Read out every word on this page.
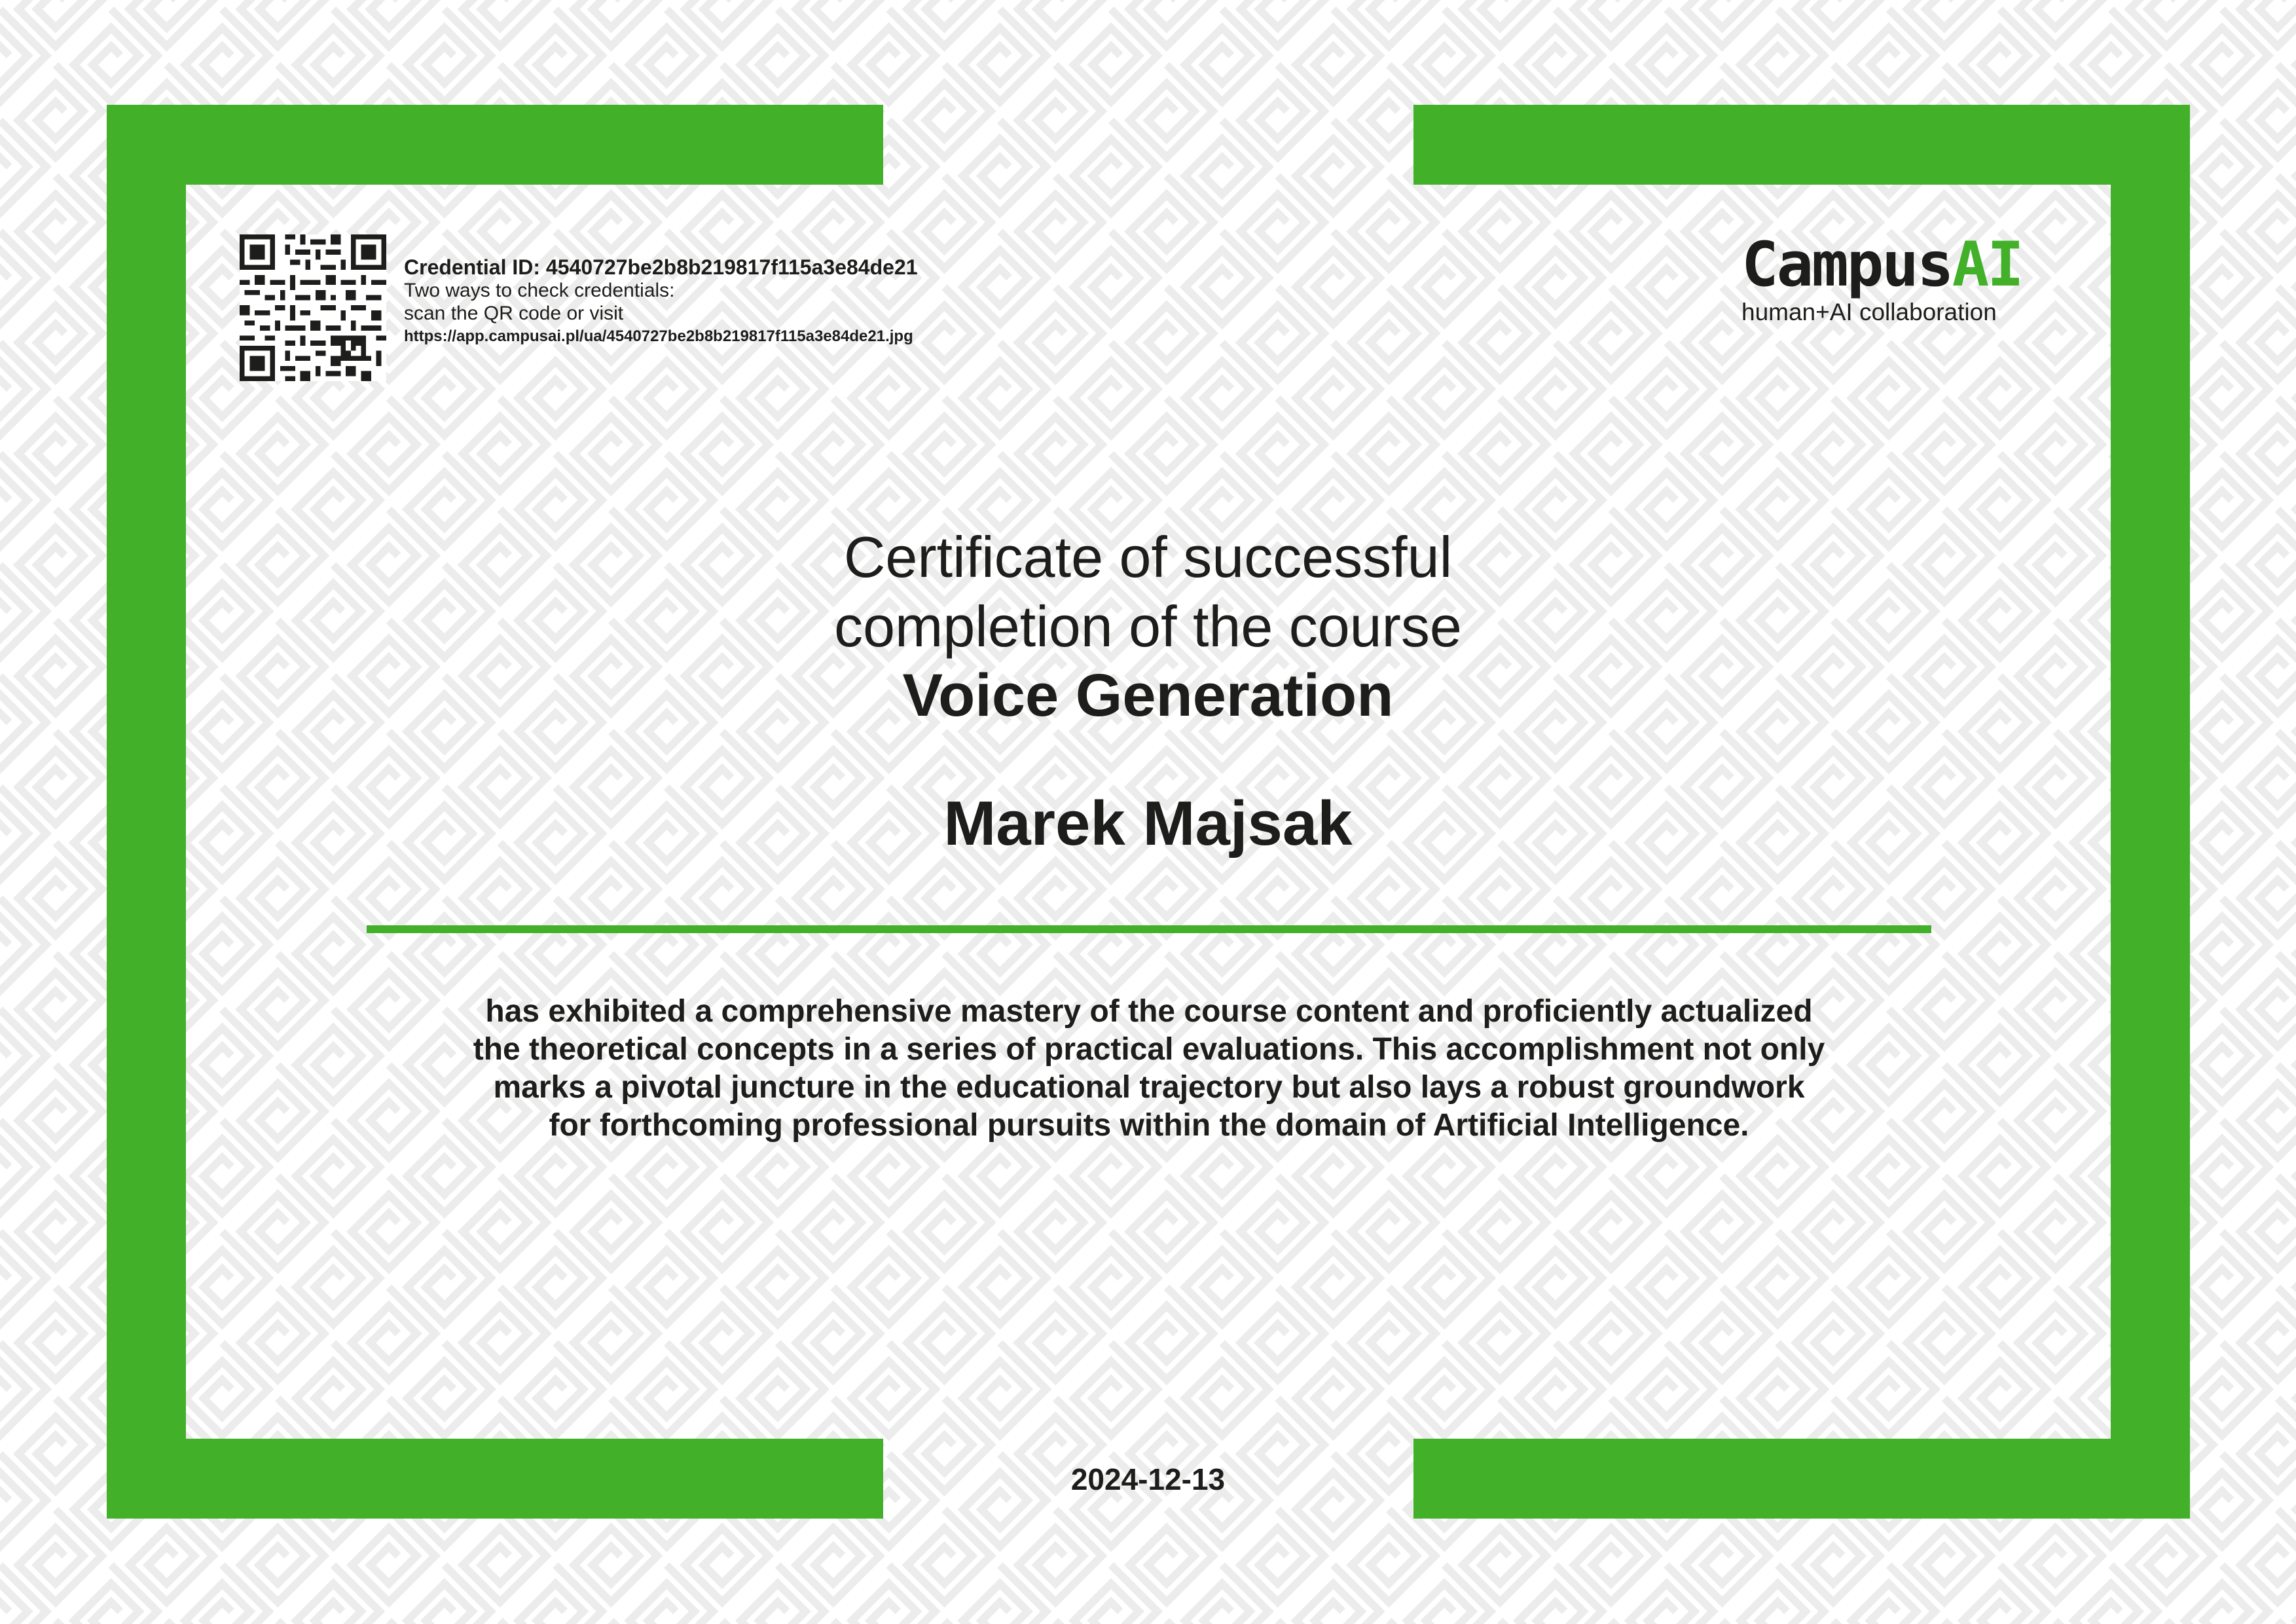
Credential ID: 4540727be2b8b219817f115a3e84de21
Two ways to check credentials:
scan the QR code or visit
https://app.campusai.pl/ua/4540727be2b8b219817f115a3e84de21.jpg
CampusAI
human+AI collaboration
Certificate of successful
completion of the course
Voice Generation
Marek Majsak
has exhibited a comprehensive mastery of the course content and proficiently actualized
the theoretical concepts in a series of practical evaluations. This accomplishment not only
marks a pivotal juncture in the educational trajectory but also lays a robust groundwork
for forthcoming professional pursuits within the domain of Artificial Intelligence.
2024-12-13
